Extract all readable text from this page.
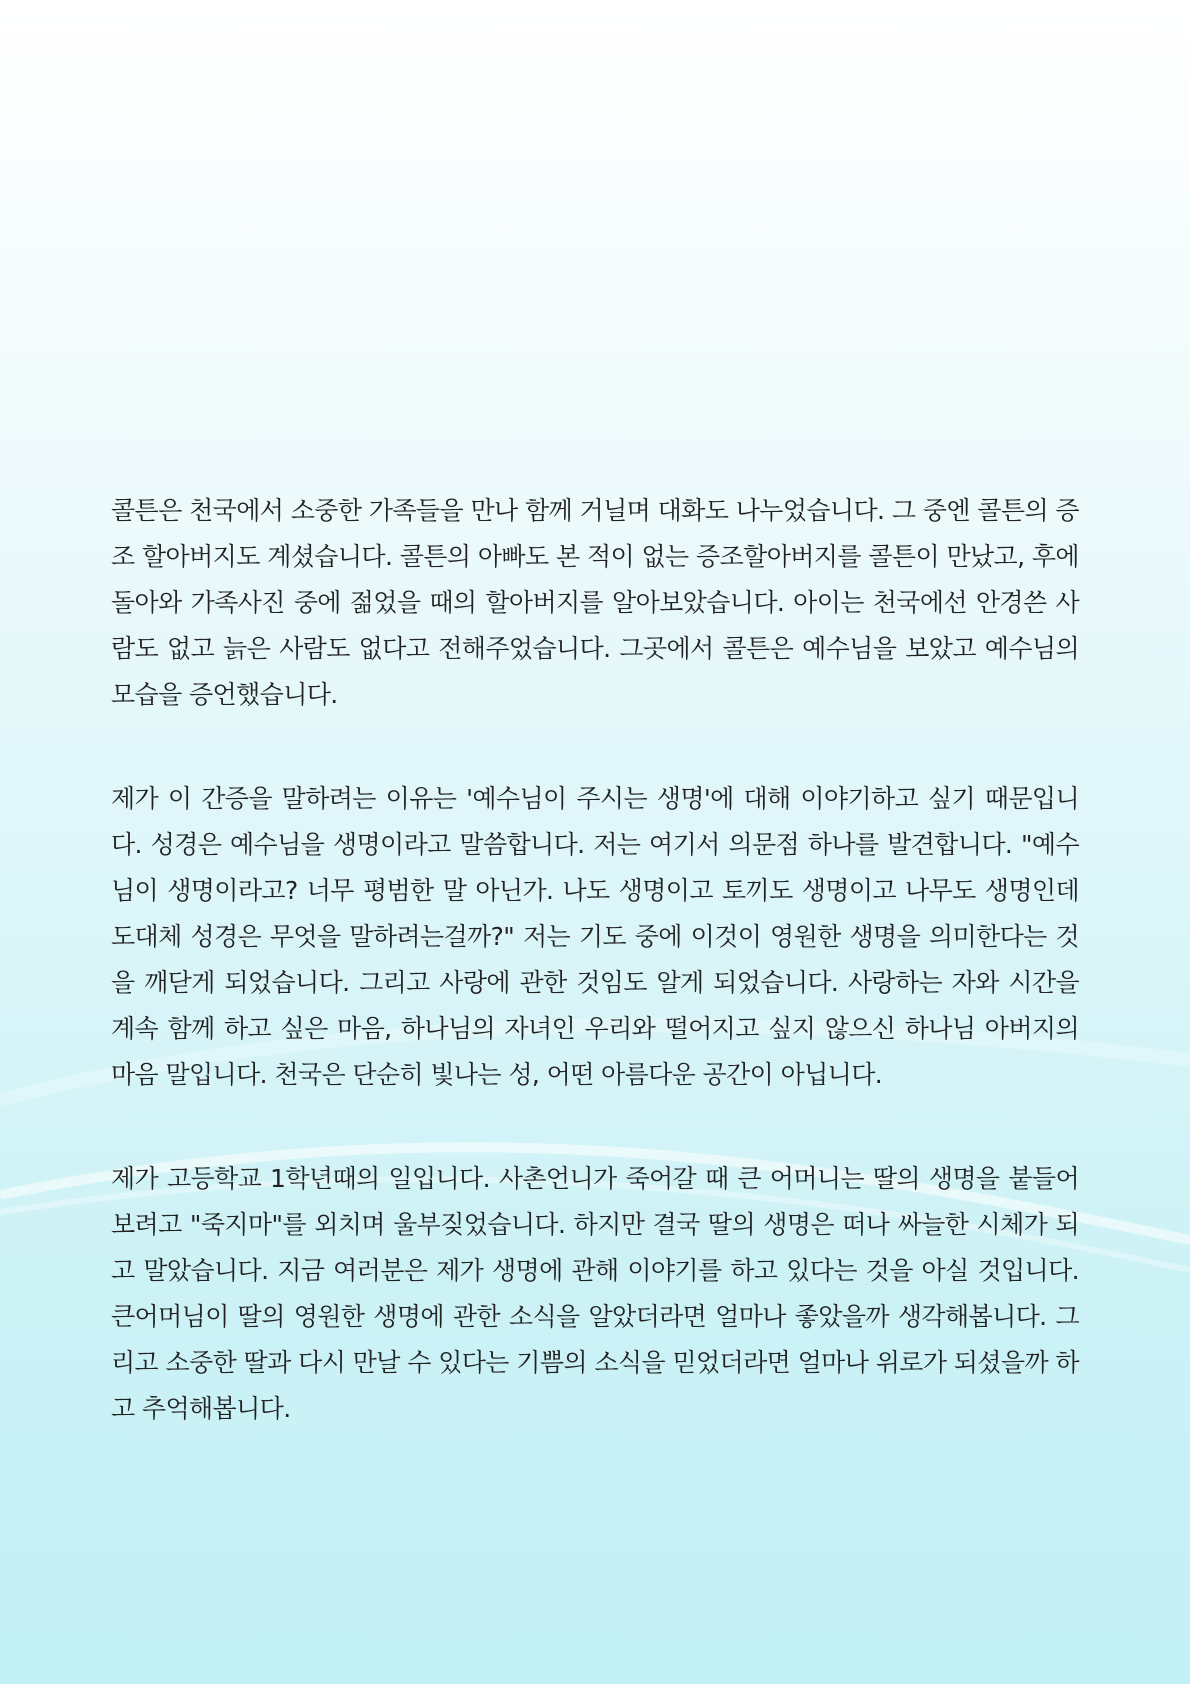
콜튼은 천국에서 소중한 가족들을 만나 함께 거닐며 대화도 나누었습니다. 그 중엔 콜튼의 증조 할아버지도 계셨습니다. 콜튼의 아빠도 본 적이 없는 증조할아버지를 콜튼이 만났고, 후에 돌아와 가족사진 중에 젊었을 때의 할아버지를 알아보았습니다. 아이는 천국에선 안경쓴 사람도 없고 늙은 사람도 없다고 전해주었습니다. 그곳에서 콜튼은 예수님을 보았고 예수님의 모습을 증언했습니다.

제가 이 간증을 말하려는 이유는 '예수님이 주시는 생명'에 대해 이야기하고 싶기 때문입니다. 성경은 예수님을 생명이라고 말씀합니다. 저는 여기서 의문점 하나를 발견합니다. "예수님이 생명이라고? 너무 평범한 말 아닌가. 나도 생명이고 토끼도 생명이고 나무도 생명인데 도대체 성경은 무엇을 말하려는걸까?" 저는 기도 중에 이것이 영원한 생명을 의미한다는 것을 깨닫게 되었습니다. 그리고 사랑에 관한 것임도 알게 되었습니다. 사랑하는 자와 시간을 계속 함께 하고 싶은 마음, 하나님의 자녀인 우리와 떨어지고 싶지 않으신 하나님 아버지의 마음 말입니다. 천국은 단순히 빛나는 성, 어떤 아름다운 공간이 아닙니다.

제가 고등학교 1학년때의 일입니다. 사촌언니가 죽어갈 때 큰 어머니는 딸의 생명을 붙들어 보려고 "죽지마"를 외치며 울부짖었습니다. 하지만 결국 딸의 생명은 떠나 싸늘한 시체가 되고 말았습니다. 지금 여러분은 제가 생명에 관해 이야기를 하고 있다는 것을 아실 것입니다. 큰어머님이 딸의 영원한 생명에 관한 소식을 알았더라면 얼마나 좋았을까 생각해봅니다. 그리고 소중한 딸과 다시 만날 수 있다는 기쁨의 소식을 믿었더라면 얼마나 위로가 되셨을까 하고 추억해봅니다.
